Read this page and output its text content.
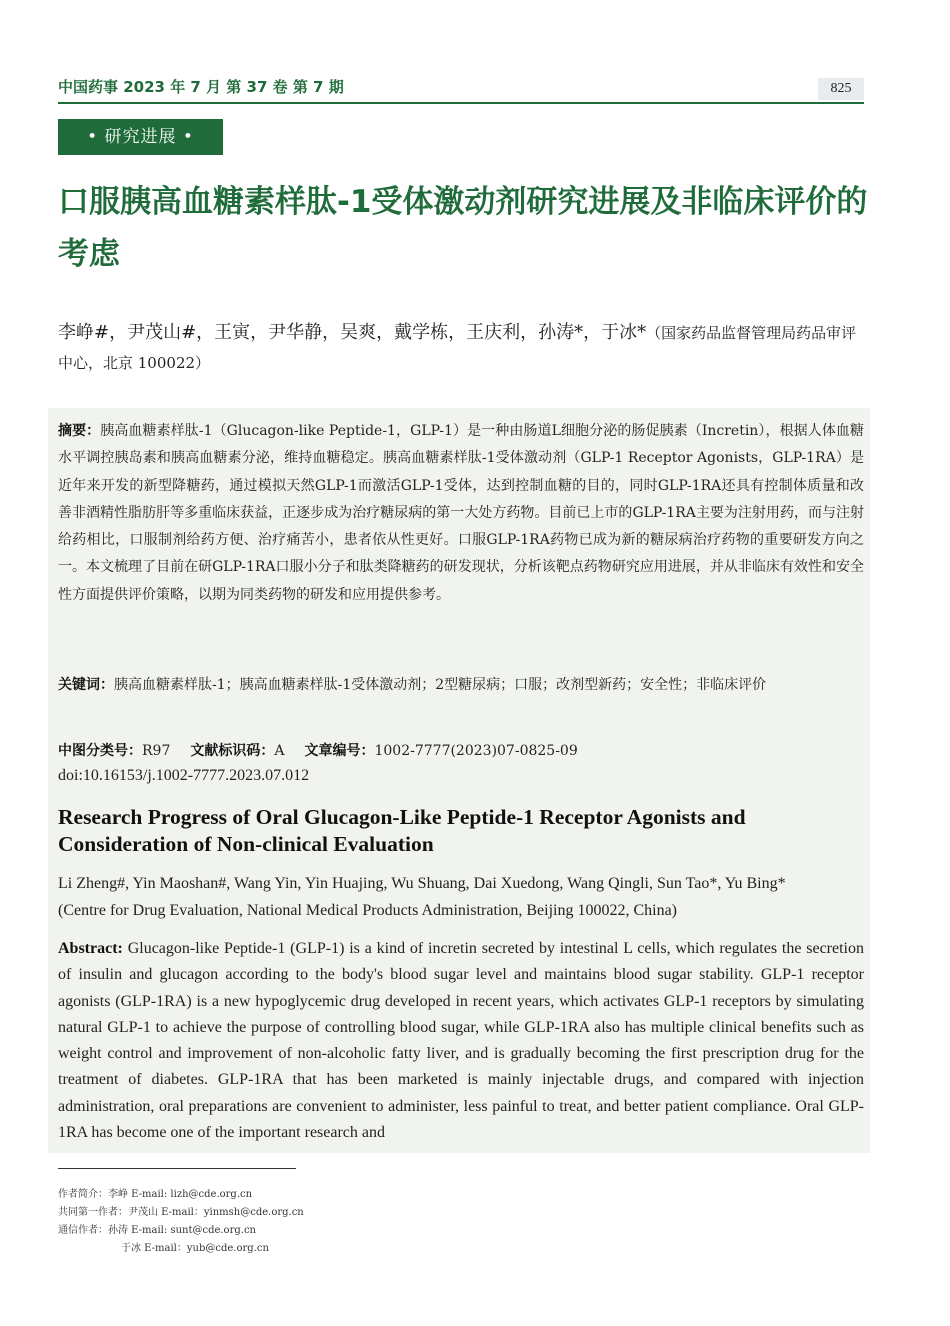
中国药事 2023 年 7 月 第 37 卷 第 7 期	825
• 研究进展 •
口服胰高血糖素样肽-1受体激动剂研究进展及非临床评价的考虑
李峥#，尹茂山#，王寅，尹华静，吴爽，戴学栋，王庆利，孙涛*，于冰*（国家药品监督管理局药品审评中心，北京 100022）
摘要：胰高血糖素样肽-1（Glucagon-like Peptide-1，GLP-1）是一种由肠道L细胞分泌的肠促胰素（Incretin），根据人体血糖水平调控胰岛素和胰高血糖素分泌，维持血糖稳定。胰高血糖素样肽-1受体激动剂（GLP-1 Receptor Agonists，GLP-1RA）是近年来开发的新型降糖药，通过模拟天然GLP-1而激活GLP-1受体，达到控制血糖的目的，同时GLP-1RA还具有控制体质量和改善非酒精性脂肪肝等多重临床获益，正逐步成为治疗糖尿病的第一大处方药物。目前已上市的GLP-1RA主要为注射用药，而与注射给药相比，口服制剂给药方便、治疗痛苦小，患者依从性更好。口服GLP-1RA药物已成为新的糖尿病治疗药物的重要研发方向之一。本文梳理了目前在研GLP-1RA口服小分子和肽类降糖药的研发现状，分析该靶点药物研究应用进展，并从非临床有效性和安全性方面提供评价策略，以期为同类药物的研发和应用提供参考。
关键词：胰高血糖素样肽-1；胰高血糖素样肽-1受体激动剂；2型糖尿病；口服；改剂型新药；安全性；非临床评价
中图分类号：R97 文献标识码：A 文章编号：1002-7777(2023)07-0825-09
doi:10.16153/j.1002-7777.2023.07.012
Research Progress of Oral Glucagon-Like Peptide-1 Receptor Agonists and Consideration of Non-clinical Evaluation
Li Zheng#, Yin Maoshan#, Wang Yin, Yin Huajing, Wu Shuang, Dai Xuedong, Wang Qingli, Sun Tao*, Yu Bing*
(Centre for Drug Evaluation, National Medical Products Administration, Beijing 100022, China)
Abstract: Glucagon-like Peptide-1 (GLP-1) is a kind of incretin secreted by intestinal L cells, which regulates the secretion of insulin and glucagon according to the body's blood sugar level and maintains blood sugar stability. GLP-1 receptor agonists (GLP-1RA) is a new hypoglycemic drug developed in recent years, which activates GLP-1 receptors by simulating natural GLP-1 to achieve the purpose of controlling blood sugar, while GLP-1RA also has multiple clinical benefits such as weight control and improvement of non-alcoholic fatty liver, and is gradually becoming the first prescription drug for the treatment of diabetes. GLP-1RA that has been marketed is mainly injectable drugs, and compared with injection administration, oral preparations are convenient to administer, less painful to treat, and better patient compliance. Oral GLP-1RA has become one of the important research and
作者简介：李峥 E-mail: lizh@cde.org.cn
共同第一作者：尹茂山 E-mail：yinmsh@cde.org.cn
通信作者：孙涛 E-mail: sunt@cde.org.cn
于冰 E-mail：yub@cde.org.cn
